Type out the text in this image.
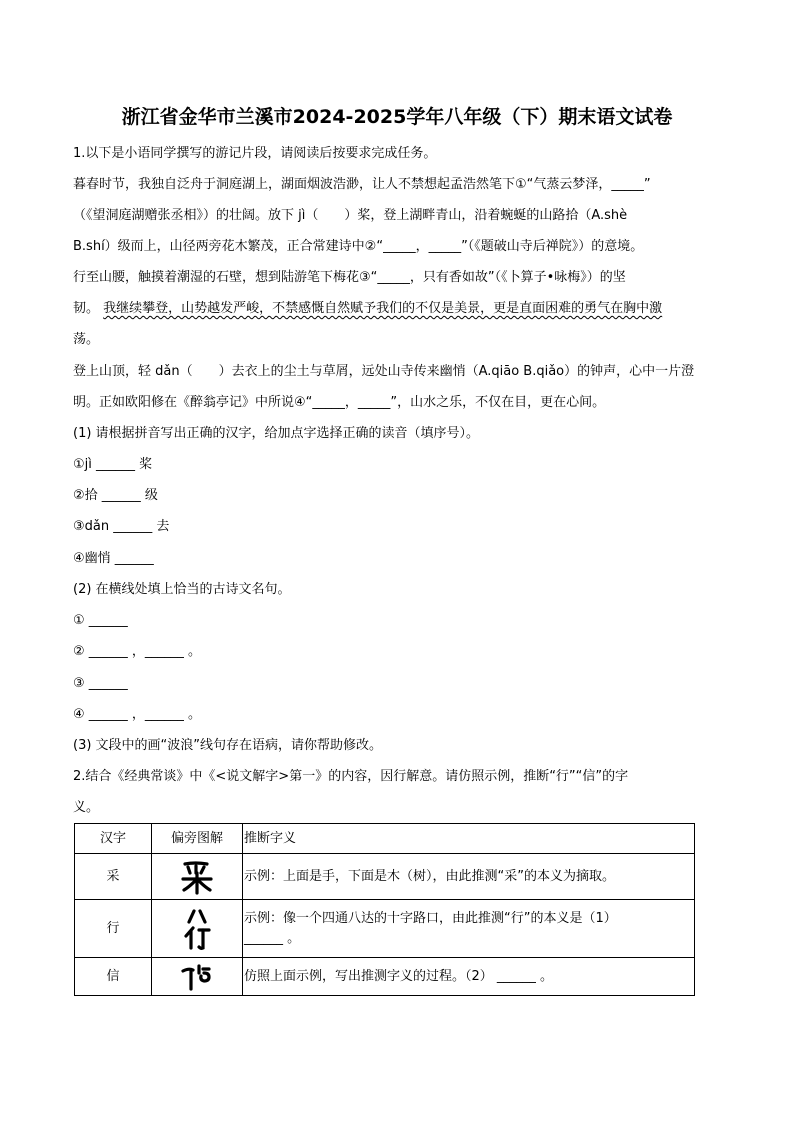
浙江省金华市兰溪市2024-2025学年八年级（下）期末语文试卷
1.以下是小语同学撰写的游记片段，请阅读后按要求完成任务。
暮春时节，我独自泛舟于洞庭湖上，湖面烟波浩渺，让人不禁想起孟浩然笔下①“气蒸云梦泽，_____”
（《望洞庭湖赠张丞相》）的壮阔。放下 jì（　　）桨，登上湖畔青山，沿着蜿蜒的山路拾（A.shè
B.shí）级而上，山径两旁花木繁茂，正合常建诗中②“_____，_____”（《题破山寺后禅院》）的意境。
行至山腰，触摸着潮湿的石壁，想到陆游笔下梅花③“_____，只有香如故”（《卜算子•咏梅》）的坚
韧。 我继续攀登，山势越发严峻，不禁感慨自然赋予我们的不仅是美景，更是直面困难的勇气在胸中激
荡。
登上山顶，轻 dǎn（　　）去衣上的尘土与草屑，远处山寺传来幽悄（A.qiāo B.qiǎo）的钟声，心中一片澄
明。正如欧阳修在《醉翁亭记》中所说④“_____，_____”，山水之乐，不仅在目，更在心间。
(1) 请根据拼音写出正确的汉字，给加点字选择正确的读音（填序号）。
①jì ______ 桨
②拾 ______ 级
③dǎn ______ 去
④幽悄 ______
(2) 在横线处填上恰当的古诗文名句。
① ______
② ______ ，______ 。
③ ______
④ ______ ，______ 。
(3) 文段中的画“波浪”线句存在语病，请你帮助修改。
2.结合《经典常谈》中《<说文解字>第一》的内容，因行解意。请仿照示例，推断“行”“信”的字
义。
汉字	偏旁图解	推断字义
采		示例：上面是手，下面是木（树），由此推测“采”的本义为摘取。
行		示例：像一个四通八达的十字路口，由此推测“行”的本义是（1）
______ 。

信		仿照上面示例，写出推测字义的过程。（2） ______ 。
